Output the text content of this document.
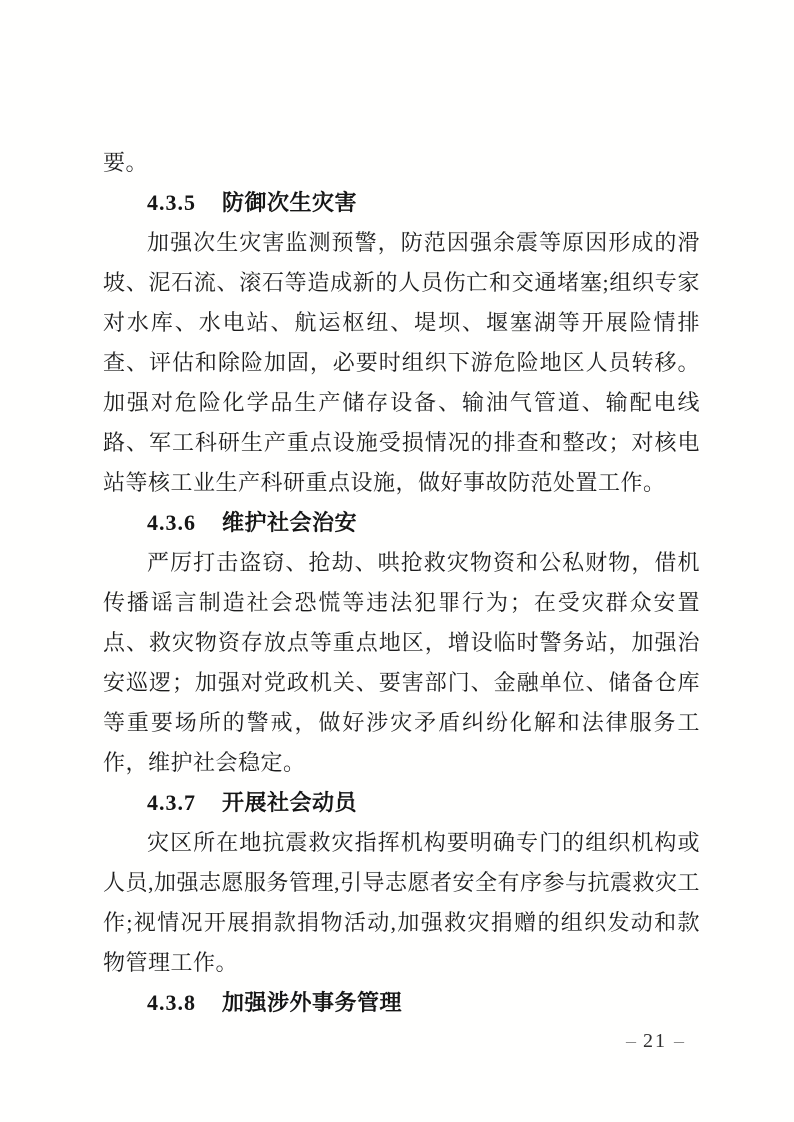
要。

4.3.5 防御次生灾害

加强次生灾害监测预警，防范因强余震等原因形成的滑坡、泥石流、滚石等造成新的人员伤亡和交通堵塞;组织专家对水库、水电站、航运枢纽、堤坝、堰塞湖等开展险情排查、评估和除险加固，必要时组织下游危险地区人员转移。加强对危险化学品生产储存设备、输油气管道、输配电线路、军工科研生产重点设施受损情况的排查和整改；对核电站等核工业生产科研重点设施，做好事故防范处置工作。

4.3.6 维护社会治安

严厉打击盗窃、抢劫、哄抢救灾物资和公私财物，借机传播谣言制造社会恐慌等违法犯罪行为；在受灾群众安置点、救灾物资存放点等重点地区，增设临时警务站，加强治安巡逻；加强对党政机关、要害部门、金融单位、储备仓库等重要场所的警戒，做好涉灾矛盾纠纷化解和法律服务工作，维护社会稳定。

4.3.7 开展社会动员

灾区所在地抗震救灾指挥机构要明确专门的组织机构或人员,加强志愿服务管理,引导志愿者安全有序参与抗震救灾工作;视情况开展捐款捐物活动,加强救灾捐赠的组织发动和款物管理工作。

4.3.8 加强涉外事务管理
– 21 –
